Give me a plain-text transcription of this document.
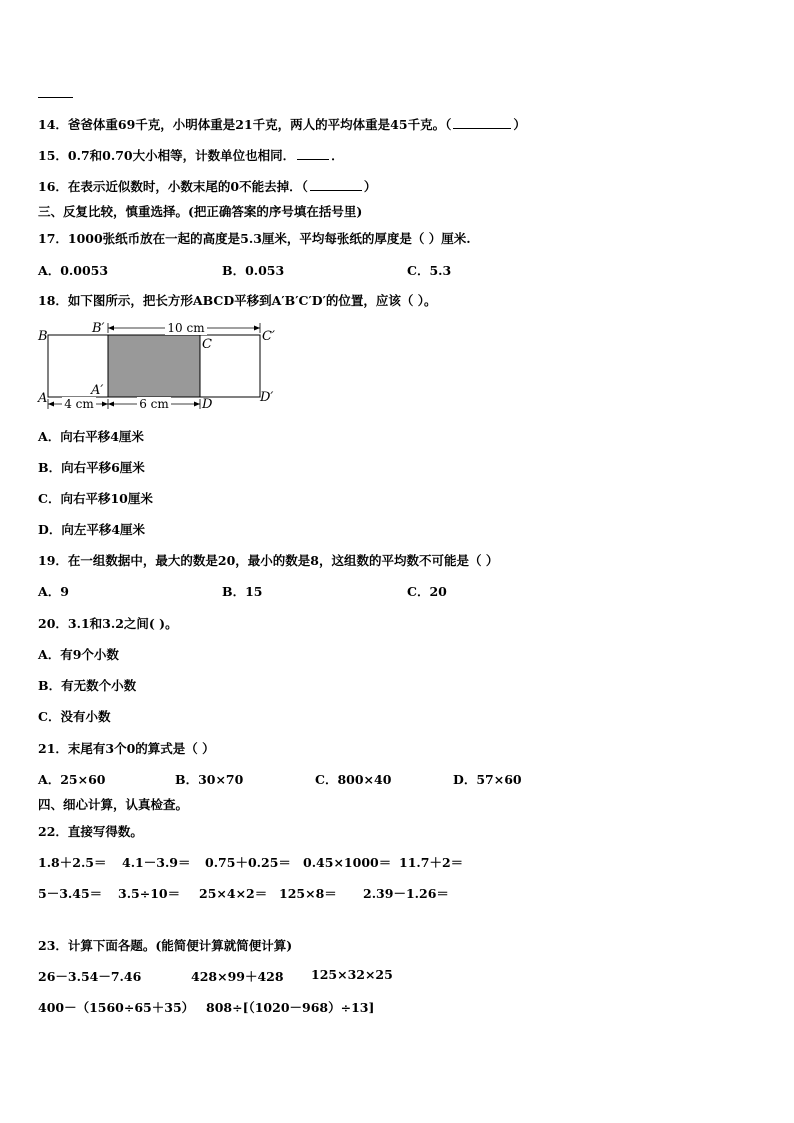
14．爸爸体重69千克，小明体重是21千克，两人的平均体重是45千克。（	）
15．0.7和0.70大小相等，计数单位也相同．	．
16．在表示近似数时，小数末尾的0不能去掉．（	）
三、反复比较，慎重选择。(把正确答案的序号填在括号里)
17．1000张纸币放在一起的高度是5.3厘米，平均每张纸的厚度是（ ）厘米.
A．0.0053	B．0.053	C．5.3
18．如下图所示，把长方形ABCD平移到A′B′C′D′的位置，应该（ ）。
10 cm
4 cm	6 cm
B
B′
C
C′
A
A′
D	D′
A．向右平移4厘米
B．向右平移6厘米
C．向右平移10厘米
D．向左平移4厘米
19．在一组数据中，最大的数是20，最小的数是8，这组数的平均数不可能是（ ）
A．9	B．15	C．20
20．3.1和3.2之间( )。
A．有9个小数
B．有无数个小数
C．没有小数
21．末尾有3个0的算式是（ ）
A．25×60	B．30×70	C．800×40	D．57×60
四、细心计算，认真检查。
22．直接写得数。
1.8＋2.5＝ 4.1－3.9＝ 0.75＋0.25＝ 0.45×1000＝ 11.7＋2＝
5－3.45＝ 3.5÷10＝ 25×4×2＝ 125×8＝ 2.39－1.26＝
23．计算下面各题。(能简便计算就简便计算)
26－3.54－7.46	428×99＋428 125×32×25
400－（1560÷65＋35） 808÷[（1020－968）÷13]
